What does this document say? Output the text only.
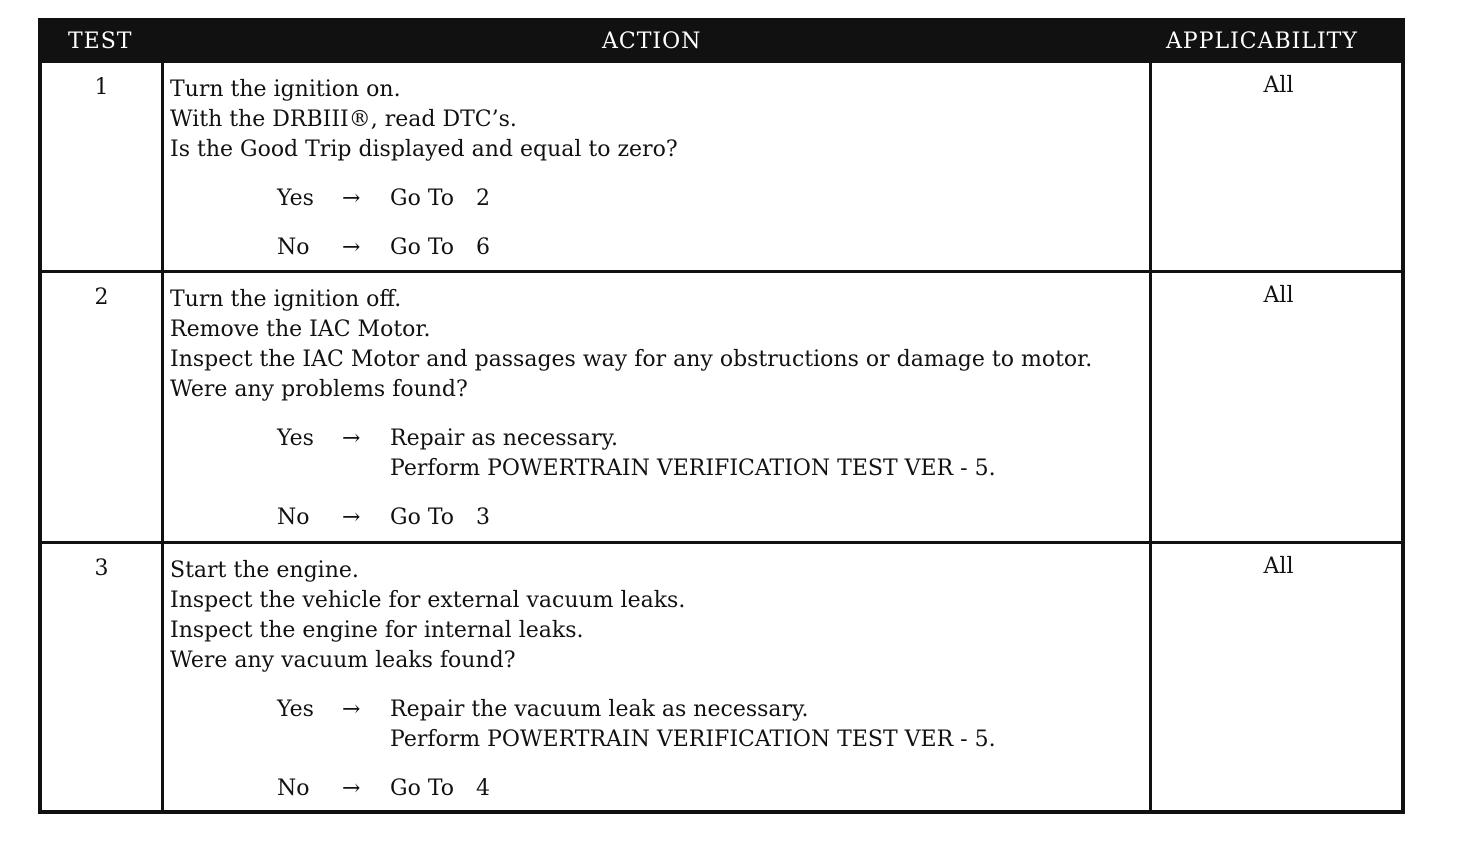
TEST	ACTION	APPLICABILITY
1	Turn the ignition on.
With the DRBIII®, read DTC’s.
Is the Good Trip displayed and equal to zero?
Yes → Go To 2
No → Go To 6
All
2	Turn the ignition off.
Remove the IAC Motor.
Inspect the IAC Motor and passages way for any obstructions or damage to motor.
Were any problems found?
Yes → Repair as necessary.
Perform POWERTRAIN VERIFICATION TEST VER - 5.
No → Go To 3
All
3	Start the engine.
Inspect the vehicle for external vacuum leaks.
Inspect the engine for internal leaks.
Were any vacuum leaks found?
Yes → Repair the vacuum leak as necessary.
Perform POWERTRAIN VERIFICATION TEST VER - 5.
No → Go To 4
All
